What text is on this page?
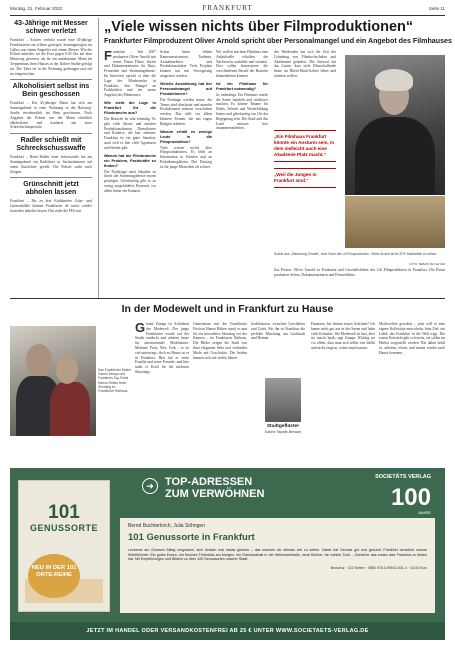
Montag, 21. Februar 2022	FRANKFURT	Seite 11
43-Jährige mit Messer schwer verletzt
Frankfurt – Schwer verletzt wurde eine 43-jährige Frankfurterin am frühen gestrigen Sonntagmorgen im Gallus von einem Angreifer mit einem Messer. Wie die Polizei mitteilte, sei die Frau gegen 0.30 Uhr auf dem Heimweg gewesen, als ihr ein unbekannter Mann im Treppenhaus ihres Hauses in der Kölner Straße gefolgt sei. Der Täter sei in die Wohnung gedrungen und auf sie eingestochen.
Alkoholisiert selbst ins Bein geschossen
Frankfurt – Ein 43-jähriger Mann hat sich am Samstagabend in einer Wohnung in der Ratsweg-Straße versehentlich ins Bein geschossen. Nach Angaben der Polizei war der Mann erheblich alkoholisiert und hantierte mit einer Schreckschusspistole.
Radler schießt mit Schreckschusswaffe
Frankfurt – Beim Radler einer Schusswaffe hat am Sonntagabend ein Radfahrer in Sachsenhausen auf einen Autofahrer gezielt. Die Polizei sucht nach Zeugen.
Grünschnitt jetzt abholen lassen
Frankfurt – Bis zu drei Kubikmeter Grün- und Gartenabfälle können Frankfurter ab sofort wieder kostenlos abholen lassen. Das teilte die FES mit.
„Viele wissen nichts über Filmproduktionen“
Frankfurter Filmproduzent Oliver Arnold spricht über Personalmangel und ein Angebot des Filmhauses
Frankfurt – Seit 2007 produziert Oliver Arnold mit seiner Firma Filme, Serien und Dokumentationen für Kino, Fernsehen und Streamingdienste. Im Interview spricht er über die Lage der Filmbranche in Frankfurt, den Mangel an Fachkräften und ein neues Angebot des Filmhauses.
Wie sieht die Lage in Frankfurt für die Filmbranche aus?
Die Branche ist sehr lebendig. Es gibt viele kleine und mittlere Produktionsfirmen, Dienstleister und Kreative, die hier arbeiten. Frankfurt ist ein guter Standort, auch weil es hier viele Agenturen und Sender gibt.
Warum hat die Filmbranche ein Problem, Fachkräfte zu finden?
Die Nachfrage nach Inhalten ist durch die Streamingdienste enorm gestiegen. Gleichzeitig gibt es zu wenig ausgebildetes Personal, vor allem hinter der Kamera.
Schon heute fehlen Kameraassistenten, Tonleute, Aufnahmeleiter und Produktionsfahrer. Viele Projekte können nur mit Verzögerung umgesetzt werden.
Welche Ausbildung hat der Personalmangel auf Produktionen?
Die Drehtage werden teurer, die Teams sind überlastet und manche Produktionen müssen verschoben werden. Das trifft vor allem kleinere Firmen, die mit engen Budgets arbeiten.
Warum erhält es wenige Leute in die Filmproduktion?
Viele wissen nichts über Filmproduktionen. Es fehlt an Information in Schulen und an Praktikumsplätzen. Der Einstieg ist für junge Menschen oft schwer.
Wir wollen mit dem Filmhaus eine Anlaufstelle schaffen, die Nachwuchs ausbildet und vernetzt. Dort sollen Interessierte die verschiedenen Berufe der Branche kennenlernen können.
Ist ein Filmhaus für Frankfurt notwendig?
Ja, unbedingt. Ein Filmhaus würde die Szene bündeln und sichtbarer machen. Es könnte Räume für Drehs, Schnitt und Weiterbildung bieten und gleichzeitig ein Ort der Begegnung sein. Die Stadt und das Land müssen hier zusammenarbeiten.
„Ein Filmhaus Frankfurt könnte ein Ansturm sein, in dem vielleicht auch eine Akademie Platz macht.“
„Weil die Jungen in Frankfurt sind.“
des Werdenden hat sich die Zeit der Gründung von Filmhochschulen und Akademien geändert. Die Antwort hat das Ganze, dass viele Filmschaffende heute im Rhein-Main-Gebiet leben und arbeiten wollen.
Szene aus „Steuerung Charlie“, eine Serie der Lili Filmproduktion. Oliver Arnold ist im ZDF-Mediathek zu sehen.
FOTO: SEBASTIAN GEYER
Zur Person: Oliver Arnold ist Produzent und Geschäftsführer der Lili Filmproduktion in Frankfurt. Die Firma produziert Serien, Dokumentationen und Fernsehfilme.
In der Modewelt und in Frankfurt zu Hause
Das Frankfurter Model Gianni Zampa und Frankfurts Top-Frisör Hanna Rüben beim Shooting im Frankfurter Rathaus.
Gianni Zampa ist Schönheit der Modewelt. Der junge Frankfurter wurde auf der Straße entdeckt und arbeitet heute für internationale Modehäuser. Mailand, Paris, New York – er ist viel unterwegs, doch zu Hause ist er in Frankfurt. Hier hat er seine Familie und seine Freunde, und hier tankt er Kraft für die nächsten Shootings.
Gemeinsam mit der Frankfurter Frisörin Hanna Rüben stand er nun für ein besonderes Shooting vor der Kamera – im Frankfurter Rathaus. Die Bilder zeigen die Stadt von ihrer eleganten Seite und verbinden Mode mit Geschichte. Die beiden kennen sich seit vielen Jahren.
hochhäusern, zwischen Geschäften und Cafés. Für ihn ist Frankfurt die perfekte Mischung aus Großstadt und Heimat.
Stadtgeflüster
Sabine Tapaile-Benazin
Finanzen, bei deinen ersten Schritten? Ich kenne mich gut aus in der Szene und habe viele Kontakte. Die Modewelt ist hart, aber sie macht Spaß, sagt Zampa. Wichtig sei vor allem, dass man sich selbst treu bleibt und nicht vergisst, woher man kommt.
Modewelten gewohnt – jetzt will er eine eigene Kollektion entwickeln. Sein Ziel: ein Label, das Frankfurt in die Welt trägt. Die ersten Entwürfe gibt es bereits, sie sollen im Herbst vorgestellt werden. Bis dahin heißt es: arbeiten, reisen, und immer wieder nach Hause kommen.
101
GENUSSORTE
NEU IN DER 101 ORTE-REIHE
➜	TOP-ADRESSEN
ZUM VERWÖHNEN
SOCIETÄTS VERLAG
100
JAHRE
Bernd Buchterkirch, Julia Söhngen
101 Genussorte in Frankfurt
Leckeres am Grossen Alltag vergessen, sich einfach mal etwas gönnen – das machen wir oftmals viel zu selten. Dabei hat Genuss gut und gesund. Frankfurt verwöhnt unsere Wohlfühlorte: Ein gutes Essen, ein frisches Frühstück am Morgen, ein Rosthaushalt in der Weinmarkthalle, neue Bücher, ein echtes Tuch – Genießer das erstes was Frankfurt zu bieten hat. Mit Empfehlungen und Bildern zu über 100 Genussorten unserer Stadt.
Broschur · 220 Seiten · ISBN 978-3-95542-401-4 · 18,00 Euro
JETZT IM HANDEL ODER VERSANDKOSTENFREI AB 25 € UNTER WWW.SOCIETAETS-VERLAG.DE
